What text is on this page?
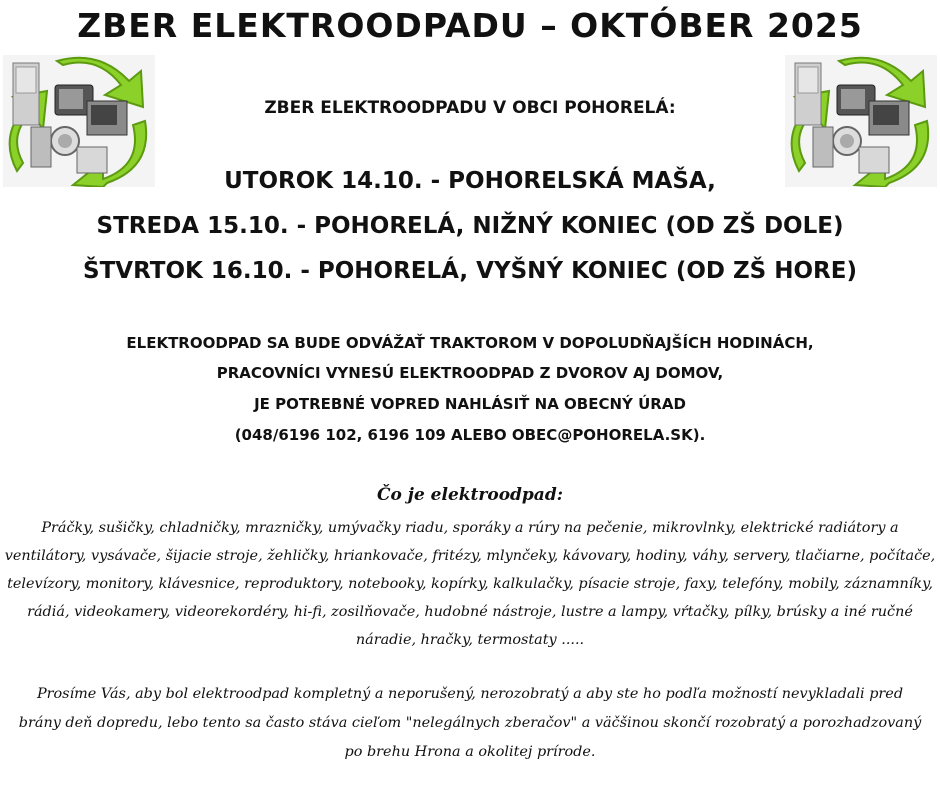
ZBER ELEKTROODPADU – OKTÓBER 2025
ZBER ELEKTROODPADU V OBCI POHORELÁ:
UTOROK 14.10. - POHORELSKÁ MAŠA,
STREDA 15.10. - POHORELÁ, NIŽNÝ KONIEC (OD ZŠ DOLE)
ŠTVRTOK 16.10. - POHORELÁ, VYŠNÝ KONIEC (OD ZŠ HORE)
ELEKTROODPAD SA BUDE ODVÁŽAŤ TRAKTOROM V DOPOLUDŇAJŠÍCH HODINÁCH,
PRACOVNÍCI VYNESÚ ELEKTROODPAD Z DVOROV AJ DOMOV,
JE POTREBNÉ VOPRED NAHLÁSIŤ NA OBECNÝ ÚRAD
(048/6196 102, 6196 109 ALEBO OBEC@POHORELA.SK).
Čo je elektroodpad:
Práčky, sušičky, chladničky, mrazničky, umývačky riadu, sporáky a rúry na pečenie, mikrovlnky, elektrické radiátory a ventilátory, vysávače, šijacie stroje, žehličky, hriankovače, fritézy, mlynčeky, kávovary, hodiny, váhy, servery, tlačiarne, počítače, televízory, monitory, klávesnice, reproduktory, notebooky, kopírky, kalkulačky, písacie stroje, faxy, telefóny, mobily, záznamníky, rádiá, videokamery, videorekordéry, hi-fi, zosilňovače, hudobné nástroje, lustre a lampy, vŕtačky, pílky, brúsky a iné ručné náradie, hračky, termostaty .....
Prosíme Vás, aby bol elektroodpad kompletný a neporušený, nerozobratý a aby ste ho podľa možností nevykladali pred brány deň dopredu, lebo tento sa často stáva cieľom "nelegálnych zberačov" a väčšinou skončí rozobratý a porozhadzovaný po brehu Hrona a okolitej prírode.
